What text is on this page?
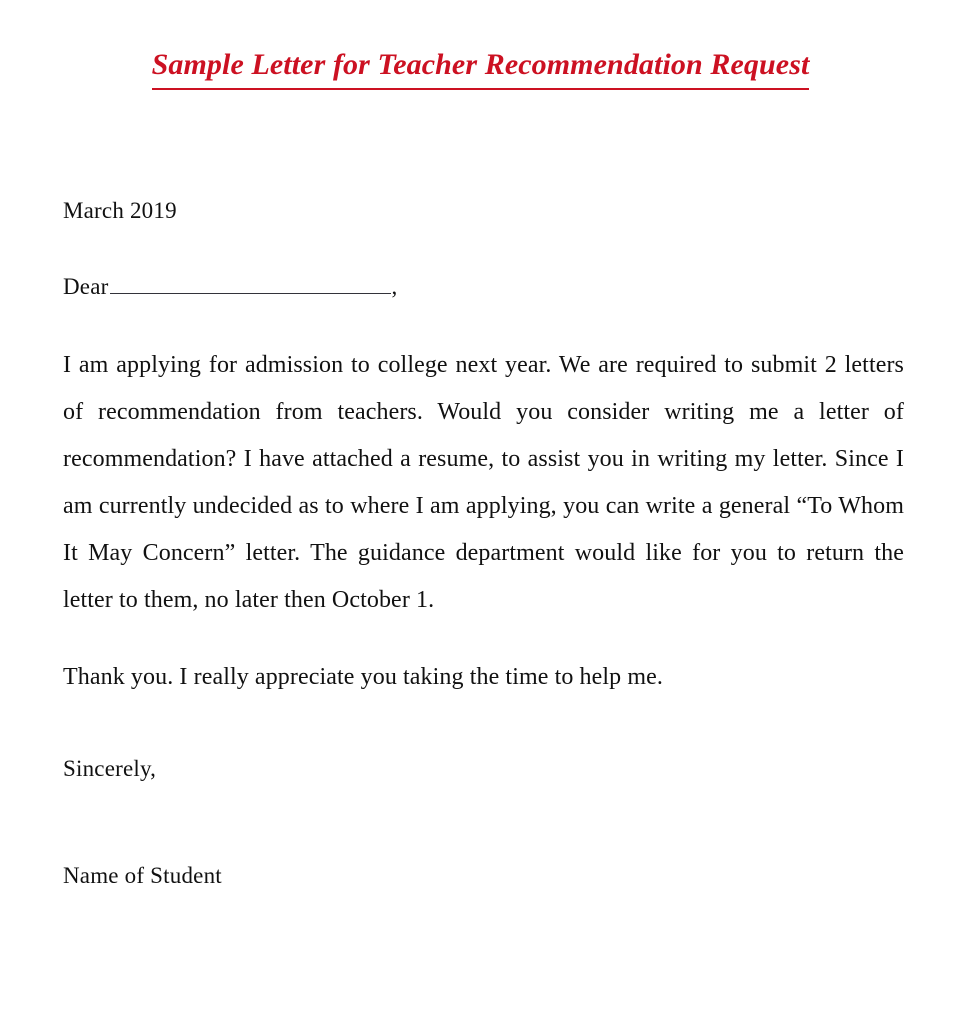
Sample Letter for Teacher Recommendation Request
March 2019
Dear	,

I am applying for admission to college next year. We are required to submit 2 letters of recommendation from teachers. Would you consider writing me a letter of recommendation? I have attached a resume, to assist you in writing my letter. Since I am currently undecided as to where I am applying, you can write a general “To Whom It May Concern” letter. The guidance department would like for you to return the letter to them, no later then October 1.

Thank you. I really appreciate you taking the time to help me.

Sincerely,
Name of Student
